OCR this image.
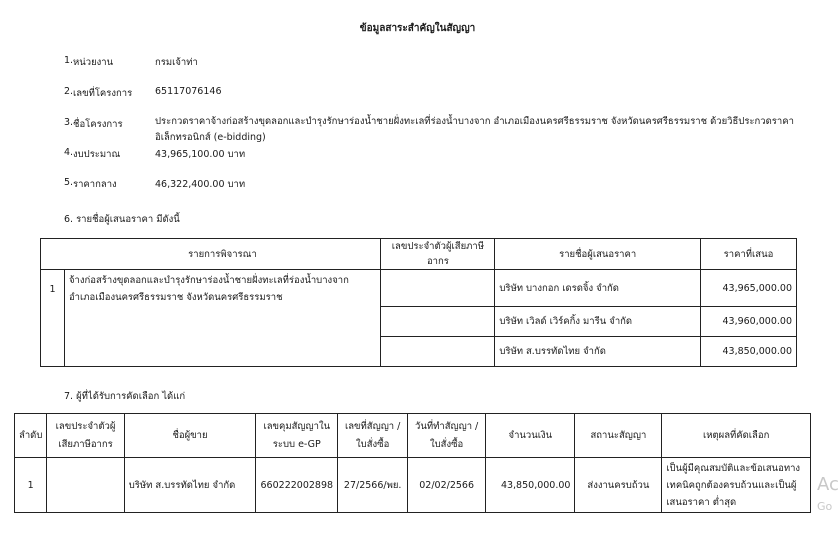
ข้อมูลสาระสำคัญในสัญญา
1. หน่วยงาน	กรมเจ้าท่า
2. เลขที่โครงการ 65117076146
3. ชื่อโครงการ	ประกวดราคาจ้างก่อสร้างขุดลอกและบำรุงรักษาร่องน้ำชายฝั่งทะเลที่ร่องน้ำบางจาก อำเภอเมืองนครศรีธรรมราช จังหวัดนครศรีธรรมราช ด้วยวิธีประกวดราคาอิเล็กทรอนิกส์ (e-bidding)
4. งบประมาณ	43,965,100.00 บาท
5. ราคากลาง	46,322,400.00 บาท
6. รายชื่อผู้เสนอราคา มีดังนี้
	รายการพิจารณา	เลขประจำตัวผู้เสียภาษีอากร	รายชื่อผู้เสนอราคา	ราคาที่เสนอ
1	จ้างก่อสร้างขุดลอกและบำรุงรักษาร่องน้ำชายฝั่งทะเลที่ร่องน้ำบางจาก อำเภอเมืองนครศรีธรรมราช จังหวัดนครศรีธรรมราช		บริษัท บางกอก เดรดจิ้ง จำกัด	43,965,000.00
			บริษัท เวิลด์ เวิร์คกิ้ง มารีน จำกัด	43,960,000.00
			บริษัท ส.บรรทัดไทย จำกัด	43,850,000.00
7. ผู้ที่ได้รับการคัดเลือก ได้แก่
ลำดับ	เลขประจำตัวผู้เสียภาษีอากร	ชื่อผู้ขาย	เลขคุมสัญญาในระบบ e-GP	เลขที่สัญญา / ใบสั่งซื้อ	วันที่ทำสัญญา / ใบสั่งซื้อ	จำนวนเงิน	สถานะสัญญา	เหตุผลที่คัดเลือก
1		บริษัท ส.บรรทัดไทย จำกัด	660222002898	27/2566/พย.	02/02/2566	43,850,000.00	ส่งงานครบถ้วน	เป็นผู้มีคุณสมบัติและข้อเสนอทางเทคนิคถูกต้องครบถ้วนและเป็นผู้เสนอราคา ต่ำสุด
Ac
Go
